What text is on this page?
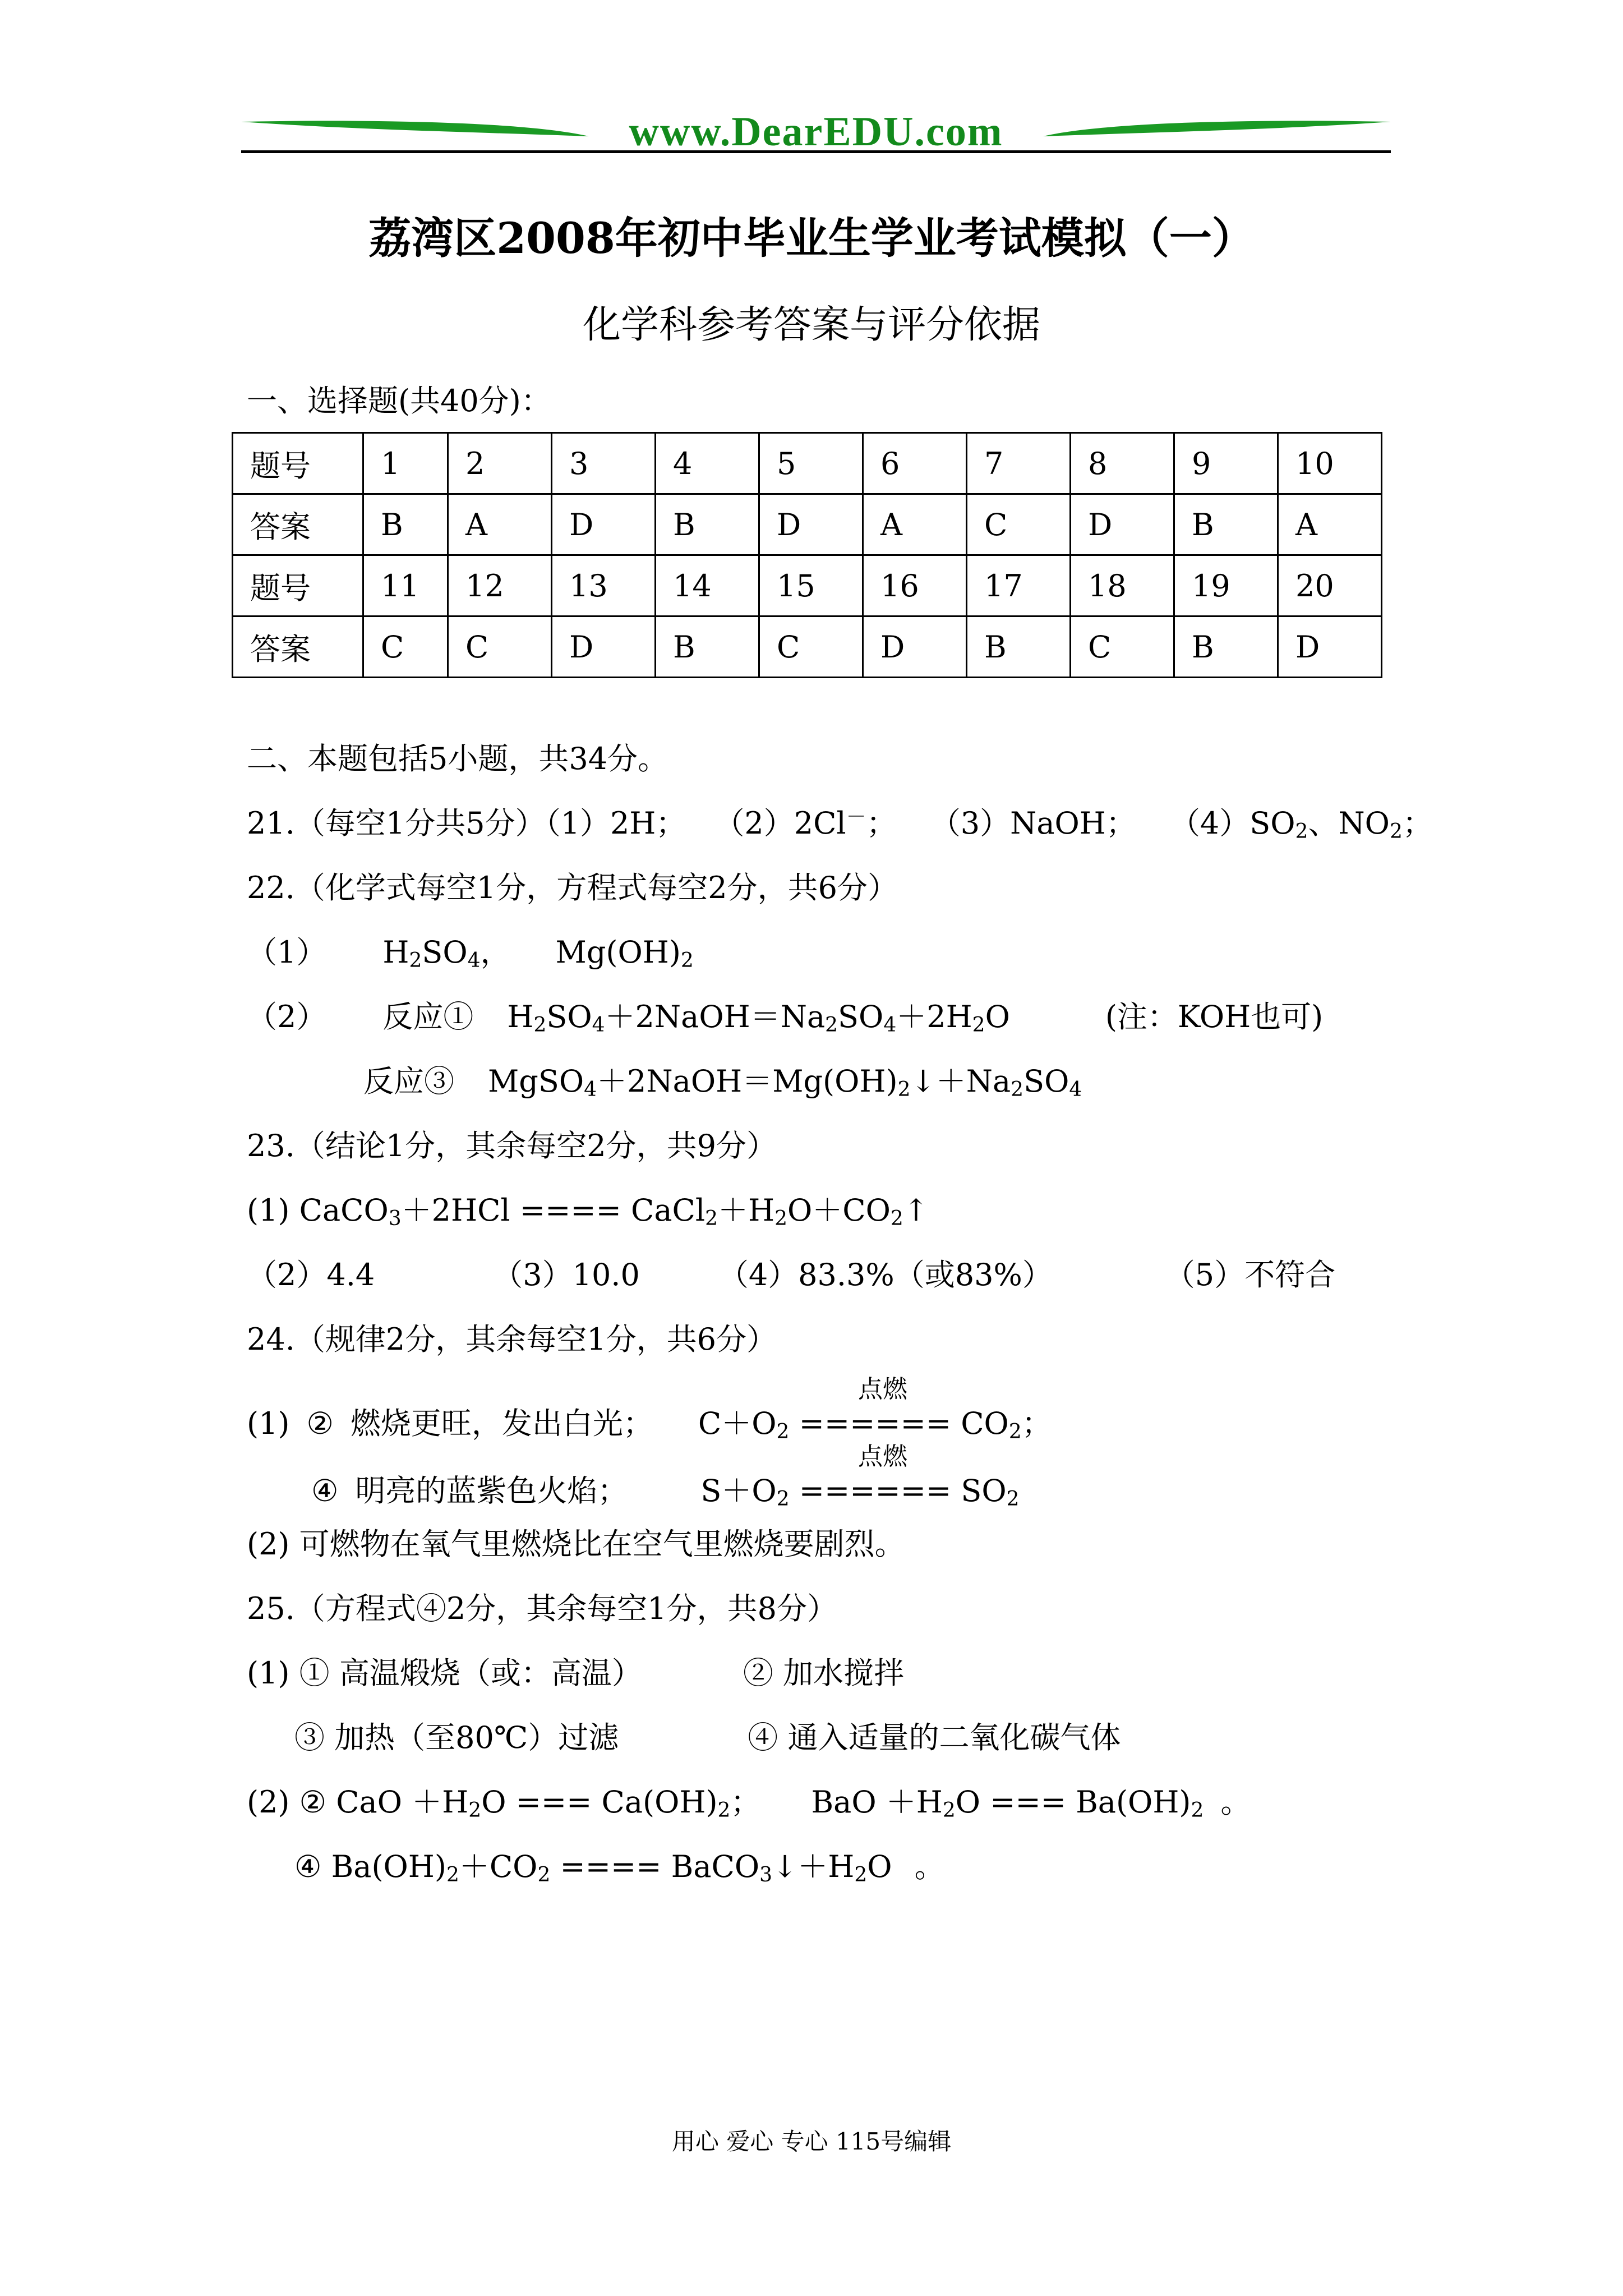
www.DearEDU.com
荔湾区2008年初中毕业生学业考试模拟（一）
化学科参考答案与评分依据
一、选择题(共40分)：
题号	1	2	3	4	5	6	7	8	9	10
答案	B	A	D	B	D	A	C	D	B	A
题号	11	12	13	14	15	16	17	18	19	20
答案	C	C	D	B	C	D	B	C	B	D
二、本题包括5小题，共34分。
21.（每空1分共5分）（1）2H； （2）2Cl－； （3）NaOH； $(4)SO_2$、$NO_2$；
22.（化学式每空1分，方程式每空2分，共6分）
（1） $H_2SO_4$， $Mg(OH)_2$
（2） 反应① $H_2SO_4+2NaOH=Na_2SO_4+2H_2O$	(注：KOH也可)
反应③ $MgSO_4+2NaOH=Mg(OH)_2↓+Na_2SO_4$
23.（结论1分，其余每空2分，共9分）
(1) CaCO$_3$＋2HCl ==== $CaCl_2+H_2O+CO_2↑$
（2）4.4	（3）10.0	（4）83.3%（或83%）	（5）不符合
24.（规律2分，其余每空1分，共6分）
点燃
(1) ② 燃烧更旺，发出白光； $C+O_2$ ====== $CO_2$；
点燃
④ 明亮的蓝紫色火焰； $S+O_2$ ====== $SO_2$
(2) 可燃物在氧气里燃烧比在空气里燃烧要剧烈。
25.（方程式④2分，其余每空1分，共8分）
(1) ① 高温煅烧（或：高温）	② 加水搅拌
③ 加热（至80℃）过滤	④ 通入适量的二氧化碳气体
(2) ② CaO $+H_2O$ === $Ca(OH)_2$； BaO $+H_2O$ === $Ba(OH)_2$ 。
④ $Ba(OH)_2+CO_2$ ==== $BaCO_3↓+H_2O$ 。
用心 爱心 专心 115号编辑
